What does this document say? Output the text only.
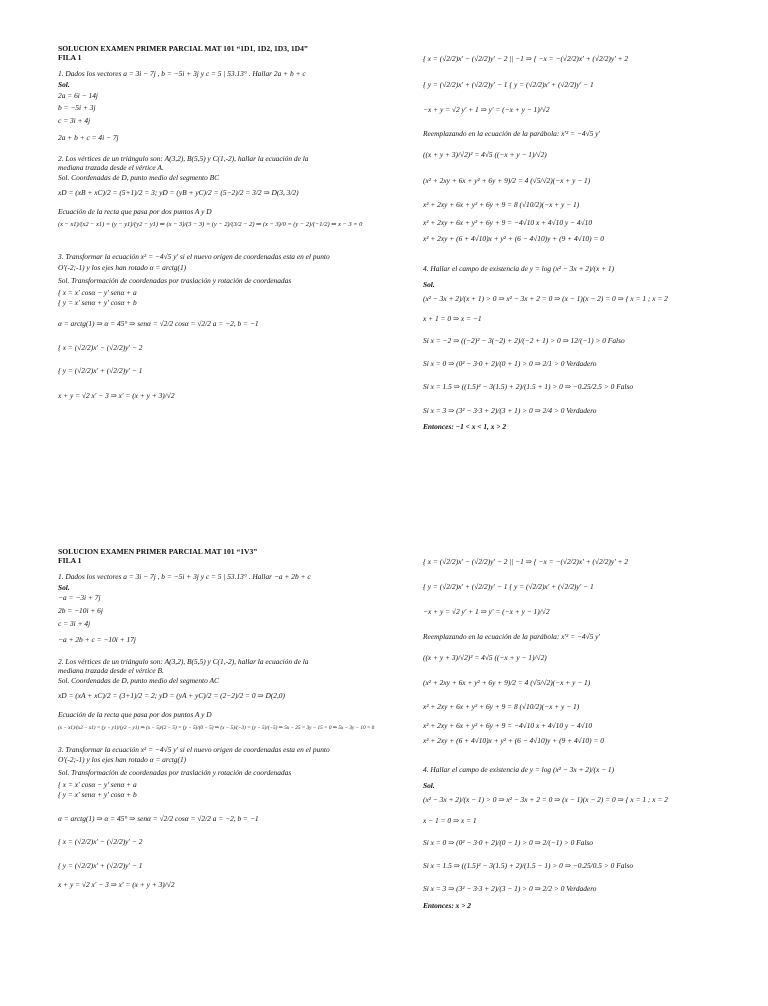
SOLUCION EXAMEN PRIMER PARCIAL MAT 101 “1D1, 1D2, 1D3, 1D4”
FILA 1
1. Dados los vectores a = 3i − 7j , b = −5i + 3j y c = 5 | 53.13° . Hallar 2a + b + c
Sol.
2a = 6i − 14j
b = −5i + 3j
c = 3i + 4j
2a + b + c = 4i − 7j
2. Los vértices de un triángulo son: A(3,2), B(5,5) y C(1,-2), hallar la ecuación de la
mediana trazada desde el vértice A.
Sol. Coordenadas de D, punto medio del segmento BC
xD = (xB + xC)/2 = (5+1)/2 = 3; yD = (yB + yC)/2 = (5−2)/2 = 3/2 ⇒ D(3, 3/2)
Ecuación de la recta que pasa por dos puntos A y D
(x − x1)/(x2 − x1) = (y − y1)/(y2 − y1) ⇒ (x − 3)/(3 − 3) = (y − 2)/(3/2 − 2) ⇒ (x − 3)/0 = (y − 2)/(−1/2) ⇒ x − 3 = 0
3. Transformar la ecuación x² = −4√5 y' si el nuevo origen de coordenadas esta en el punto
O'(-2;-1) y los ejes han rotado α = arctg(1)
Sol. Transformación de coordenadas por traslación y rotación de coordenadas
{ x = x' cosα − y' senα + a
{ y = x' senα + y' cosα + b
α = arctg(1) ⇒ α = 45° ⇒ senα = √2/2 cosα = √2/2 a = −2, b = −1
{ x = (√2/2)x' − (√2/2)y' − 2
{ y = (√2/2)x' + (√2/2)y' − 1
x + y = √2 x' − 3 ⇒ x' = (x + y + 3)/√2
{ x = (√2/2)x' − (√2/2)y' − 2 || −1 ⇒ { −x = −(√2/2)x' + (√2/2)y' + 2
{ y = (√2/2)x' + (√2/2)y' − 1 { y = (√2/2)x' + (√2/2)y' − 1
−x + y = √2 y' + 1 ⇒ y' = (−x + y − 1)/√2
Reemplazando en la ecuación de la parábola: x'² = −4√5 y'
((x + y + 3)/√2)² = 4√5 ((−x + y − 1)/√2)
(x² + 2xy + 6x + y² + 6y + 9)/2 = 4 (√5/√2)(−x + y − 1)
x² + 2xy + 6x + y² + 6y + 9 = 8 (√10/2)(−x + y − 1)
x² + 2xy + 6x + y² + 6y + 9 = −4√10 x + 4√10 y − 4√10
x² + 2xy + (6 + 4√10)x + y² + (6 − 4√10)y + (9 + 4√10) = 0
4. Hallar el campo de existencia de y = log (x² − 3x + 2)/(x + 1)
Sol.
(x² − 3x + 2)/(x + 1) > 0 ⇒ x² − 3x + 2 = 0 ⇒ (x − 1)(x − 2) = 0 ⇒ { x = 1 ; x = 2
x + 1 = 0 ⇒ x = −1
Si x = −2 ⇒ ((−2)² − 3(−2) + 2)/(−2 + 1) > 0 ⇒ 12/(−1) > 0 Falso
Si x = 0 ⇒ (0² − 3·0 + 2)/(0 + 1) > 0 ⇒ 2/1 > 0 Verdadero
Si x = 1.5 ⇒ ((1.5)² − 3(1.5) + 2)/(1.5 + 1) > 0 ⇒ −0.25/2.5 > 0 Falso
Si x = 3 ⇒ (3² − 3·3 + 2)/(3 + 1) > 0 ⇒ 2/4 > 0 Verdadero
Entonces: −1 < x < 1, x > 2
SOLUCION EXAMEN PRIMER PARCIAL MAT 101 “1V3”
FILA 1
1. Dados los vectores a = 3i − 7j , b = −5i + 3j y c = 5 | 53.13° . Hallar −a + 2b + c
Sol.
−a = −3i + 7j
2b = −10i + 6j
c = 3i + 4j
−a + 2b + c = −10i + 17j
2. Los vértices de un triángulo son: A(3,2), B(5,5) y C(1,-2), hallar la ecuación de la
mediana trazada desde el vértice B.
Sol. Coordenadas de D, punto medio del segmento AC
xD = (xA + xC)/2 = (3+1)/2 = 2; yD = (yA + yC)/2 = (2−2)/2 = 0 ⇒ D(2,0)
Ecuación de la recta que pasa por dos puntos A y D
(x − x1)/(x2 − x1) = (y − y1)/(y2 − y1) ⇒ (x − 5)/(2 − 5) = (y − 5)/(0 − 5) ⇒ (x − 5)/(−3) = (y − 5)/(−5) ⇒ 5x − 25 = 3y − 15 = 0 ⇒ 5x − 3y − 10 = 0
3. Transformar la ecuación x² = −4√5 y' si el nuevo origen de coordenadas esta en el punto
O'(-2;-1) y los ejes han rotado α = arctg(1)
Sol. Transformación de coordenadas por traslación y rotación de coordenadas
{ x = x' cosα − y' senα + a
{ y = x' senα + y' cosα + b
α = arctg(1) ⇒ α = 45° ⇒ senα = √2/2 cosα = √2/2 a = −2, b = −1
{ x = (√2/2)x' − (√2/2)y' − 2
{ y = (√2/2)x' + (√2/2)y' − 1
x + y = √2 x' − 3 ⇒ x' = (x + y + 3)/√2
{ x = (√2/2)x' − (√2/2)y' − 2 || −1 ⇒ { −x = −(√2/2)x' + (√2/2)y' + 2
{ y = (√2/2)x' + (√2/2)y' − 1 { y = (√2/2)x' + (√2/2)y' − 1
−x + y = √2 y' + 1 ⇒ y' = (−x + y − 1)/√2
Reemplazando en la ecuación de la parábola: x'² = −4√5 y'
((x + y + 3)/√2)² = 4√5 ((−x + y − 1)/√2)
(x² + 2xy + 6x + y² + 6y + 9)/2 = 4 (√5/√2)(−x + y − 1)
x² + 2xy + 6x + y² + 6y + 9 = 8 (√10/2)(−x + y − 1)
x² + 2xy + 6x + y² + 6y + 9 = −4√10 x + 4√10 y − 4√10
x² + 2xy + (6 + 4√10)x + y² + (6 − 4√10)y + (9 + 4√10) = 0
4. Hallar el campo de existencia de y = log (x² − 3x + 2)/(x − 1)
Sol.
(x² − 3x + 2)/(x − 1) > 0 ⇒ x² − 3x + 2 = 0 ⇒ (x − 1)(x − 2) = 0 ⇒ { x = 1 ; x = 2
x − 1 = 0 ⇒ x = 1
Si x = 0 ⇒ (0² − 3·0 + 2)/(0 − 1) > 0 ⇒ 2/(−1) > 0 Falso
Si x = 1.5 ⇒ ((1.5)² − 3(1.5) + 2)/(1.5 − 1) > 0 ⇒ −0.25/0.5 > 0 Falso
Si x = 3 ⇒ (3² − 3·3 + 2)/(3 − 1) > 0 ⇒ 2/2 > 0 Verdadero
Entonces: x > 2
